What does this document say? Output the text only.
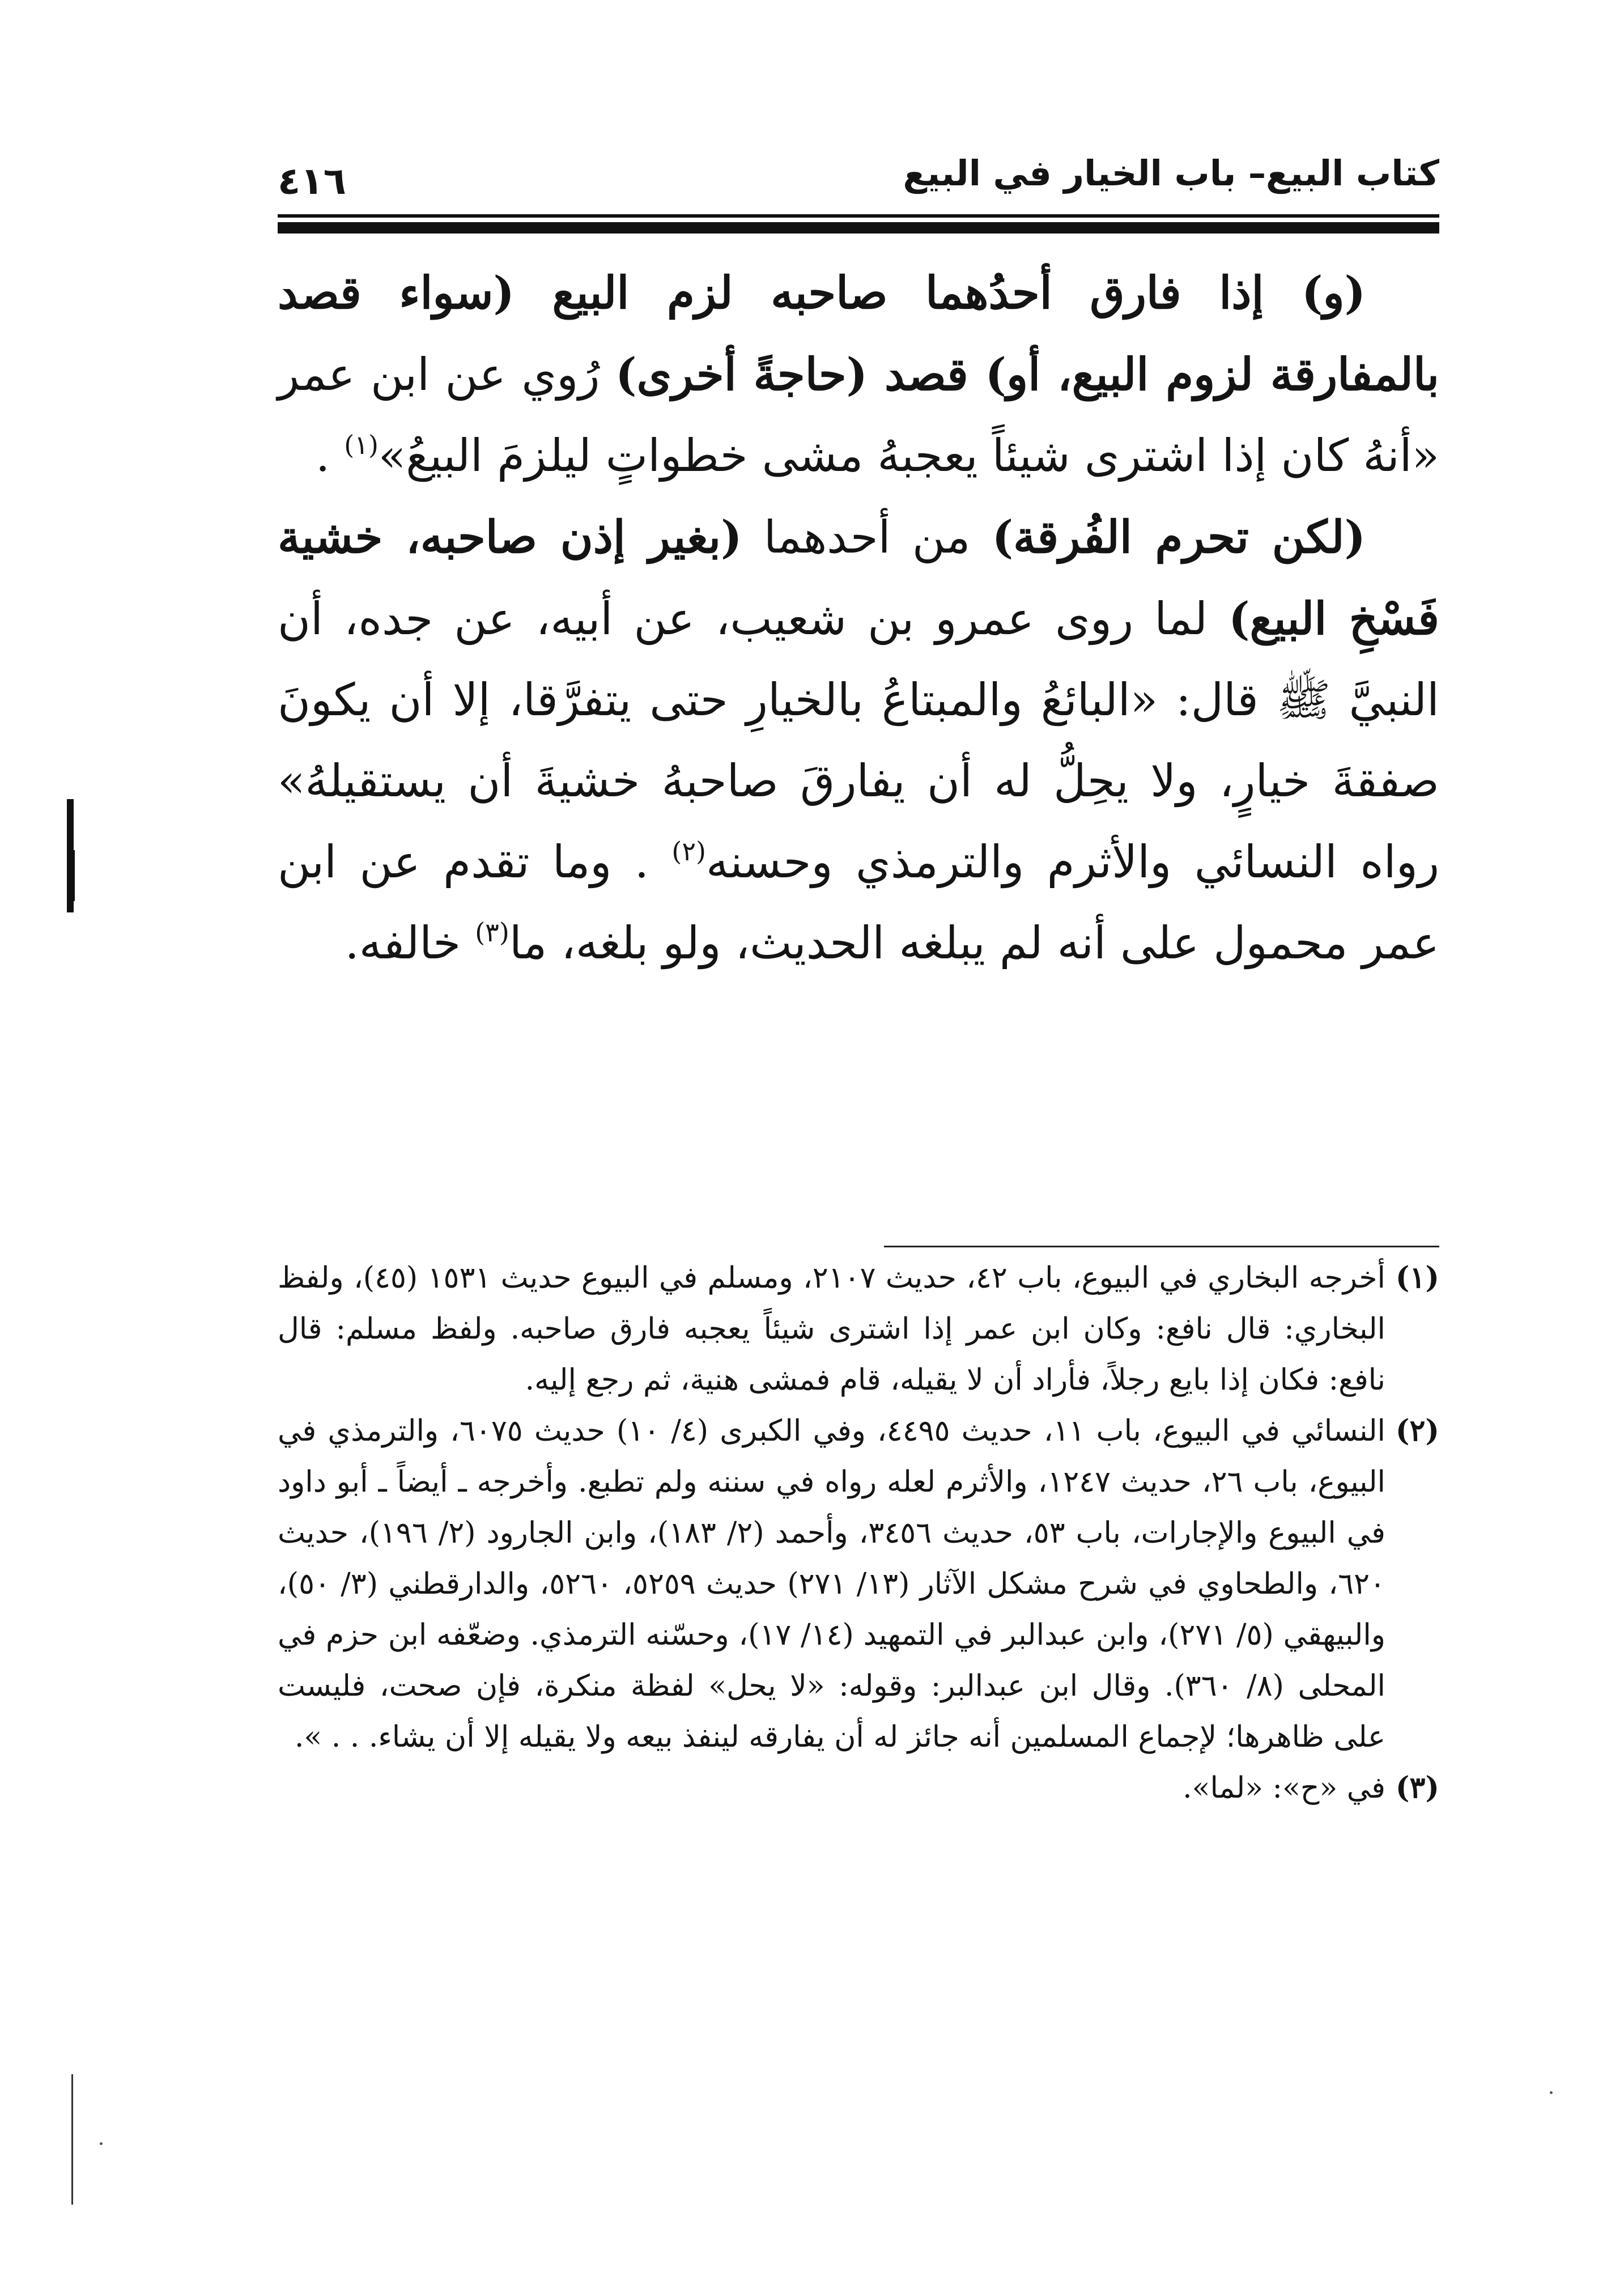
٤١٦	كتاب البيع– باب الخيار في البيع

(و) إذا فارق أحدُهما صاحبه لزم البيع (سواء قصد بالمفارقة لزوم البيع، أو) قصد (حاجةً أخرى) رُوي عن ابن عمر «أنهُ كان إذا اشترى شيئاً يعجبهُ مشى خطواتٍ ليلزمَ البيعُ»$^{(١)}$ .

(لكن تحرم الفُرقة) من أحدهما (بغير إذن صاحبه، خشية فَسْخِ البيع) لما روى عمرو بن شعيب، عن أبيه، عن جده، أن النبيَّ ﷺ قال: «البائعُ والمبتاعُ بالخيارِ حتى يتفرَّقا، إلا أن يكونَ صفقةَ خيارٍ، ولا يحِلُّ له أن يفارقَ صاحبهُ خشيةَ أن يستقيلهُ» رواه النسائي والأثرم والترمذي وحسنه$^{(٢)}$ . وما تقدم عن ابن عمر محمول على أنه لم يبلغه الحديث، ولو بلغه، ما$^{(٣)}$ خالفه.

(١)
أخرجه البخاري في البيوع، باب ٤٢، حديث ٢١٠٧، ومسلم في البيوع حديث ١٥٣١ (٤٥)، ولفظ البخاري: قال نافع: وكان ابن عمر إذا اشترى شيئاً يعجبه فارق صاحبه. ولفظ مسلم: قال نافع: فكان إذا بايع رجلاً، فأراد أن لا يقيله، قام فمشى هنية، ثم رجع إليه.

(٢)
النسائي في البيوع، باب ١١، حديث ٤٤٩٥، وفي الكبرى (٤/ ١٠) حديث ٦٠٧٥، والترمذي في البيوع، باب ٢٦، حديث ١٢٤٧، والأثرم لعله رواه في سننه ولم تطبع. وأخرجه ـ أيضاً ـ أبو داود في البيوع والإجارات، باب ٥٣، حديث ٣٤٥٦، وأحمد (٢/ ١٨٣)، وابن الجارود (٢/ ١٩٦)، حديث ٦٢٠، والطحاوي في شرح مشكل الآثار (١٣/ ٢٧١) حديث ٥٢٥٩، ٥٢٦٠، والدارقطني (٣/ ٥٠)، والبيهقي (٥/ ٢٧١)، وابن عبدالبر في التمهيد (١٤/ ١٧)، وحسّنه الترمذي. وضعّفه ابن حزم في المحلى (٨/ ٣٦٠). وقال ابن عبدالبر: وقوله: «لا يحل» لفظة منكرة، فإن صحت، فليست على ظاهرها؛ لإجماع المسلمين أنه جائز له أن يفارقه لينفذ بيعه ولا يقيله إلا أن يشاء. . . ».

(٣)
في «ح»: «لما».
